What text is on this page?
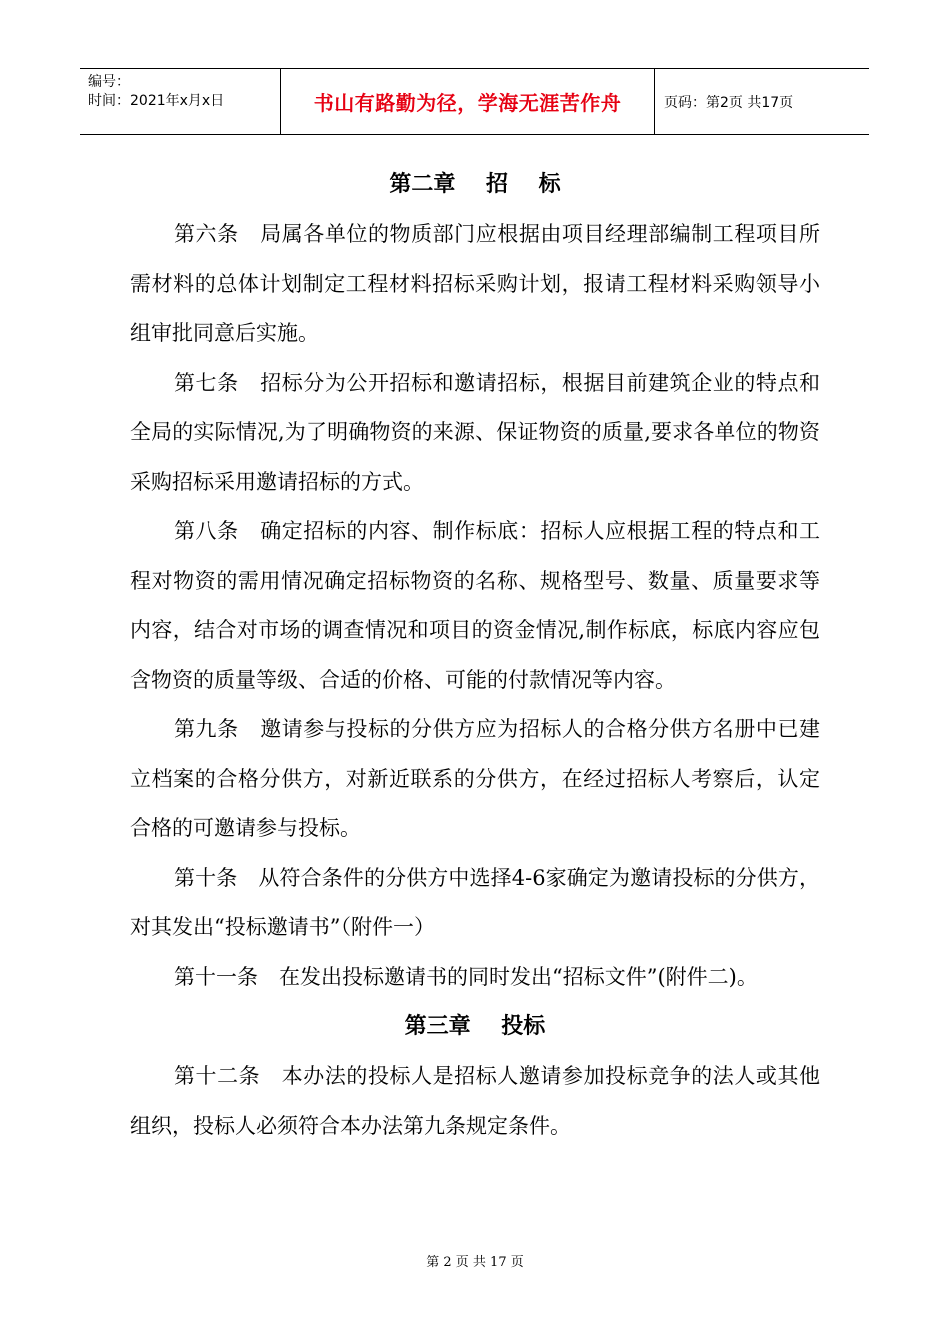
编号：
时间：2021年x月x日	书山有路勤为径，学海无涯苦作舟	页码：第2页 共17页
第二章    招    标

第六条　局属各单位的物质部门应根据由项目经理部编制工程项目所需材料的总体计划制定工程材料招标采购计划，报请工程材料采购领导小组审批同意后实施。

第七条　招标分为公开招标和邀请招标，根据目前建筑企业的特点和全局的实际情况,为了明确物资的来源、保证物资的质量,要求各单位的物资采购招标采用邀请招标的方式。

第八条　确定招标的内容、制作标底：招标人应根据工程的特点和工程对物资的需用情况确定招标物资的名称、规格型号、数量、质量要求等内容，结合对市场的调查情况和项目的资金情况,制作标底，标底内容应包含物资的质量等级、合适的价格、可能的付款情况等内容。

第九条　邀请参与投标的分供方应为招标人的合格分供方名册中已建立档案的合格分供方，对新近联系的分供方，在经过招标人考察后，认定合格的可邀请参与投标。

第十条　从符合条件的分供方中选择4-6家确定为邀请投标的分供方，对其发出“投标邀请书”（附件一）

第十一条　在发出投标邀请书的同时发出“招标文件”(附件二)。

第三章    投标

第十二条　本办法的投标人是招标人邀请参加投标竞争的法人或其他组织，投标人必须符合本办法第九条规定条件。

第 2 页 共 17 页
